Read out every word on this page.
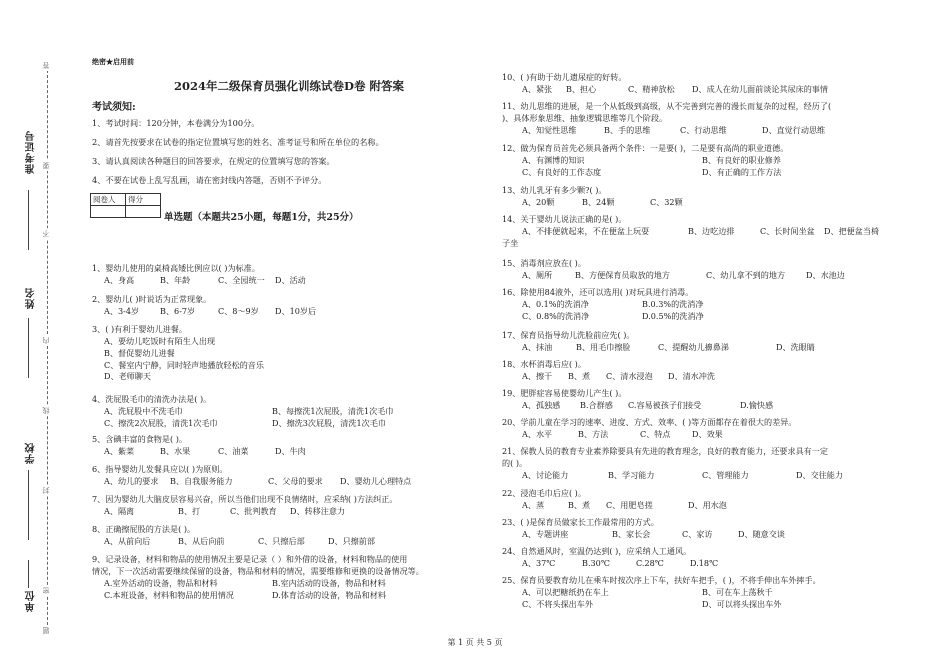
准考证号
姓名
学校
单位 密
封
线
内
不
要
答
题
绝密★启用前
2024年二级保育员强化训练试卷D卷 附答案
考试须知:
1、考试时间：120分钟，本卷满分为100分。
2、请首先按要求在试卷的指定位置填写您的姓名、准考证号和所在单位的名称。
3、请认真阅读各种题目的回答要求，在规定的位置填写您的答案。
4、不要在试卷上乱写乱画，请在密封线内答题，否则不予评分。
阅卷人	得分

单选题（本题共25小题，每题1分，共25分）
1、婴幼儿使用的桌椅高矮比例应以( )为标准。
A、身高	B、年龄	C、全园统一 D、活动
2、婴幼儿( )时说话为正常现象。
A、3-4岁	B、6-7岁	C、8～9岁 D、10岁后
3、( )有利于婴幼儿进餐。
A、要幼儿吃饭时有陌生人出现
B、督促婴幼儿进餐
C、餐室内宁静，同时轻声地播放轻松的音乐
D、老师聊天
4、洗屁股毛巾的清洗办法是( )。
A、洗屁股中不洗毛巾	B、每擦洗1次屁股，清洗1次毛巾
C、擦洗2次屁股，清洗1次毛巾	D、擦洗3次屁股，清洗1次毛巾
5、含碘丰富的食物是( )。
A、紫菜	B、水果	C、油菜	D、牛肉
6、指导婴幼儿发餐具应以( )为原则。
A、幼儿的要求 B、自我服务能力	C、父母的要求 D、婴幼儿心理特点
7、因为婴幼儿大脑皮层容易兴奋，所以当他们出现不良情绪时，应采纳( )方法纠正。
A、隔离	B、打	C、批判教育 D、转移注意力
8、正确擦屁股的方法是( )。
A、从前向后	B、从后向前	C、只擦后部	D、只擦前部
9、记录设备，材料和物品的使用情况主要是记录（ ）和外借的设备，材料和物品的使用
情况，下一次活动需要继续保留的设备，物品和材料的情况，需要维修和更换的设备情况等。
A.室外活动的设备，物品和材料	B.室内活动的设备，物品和材料
C.本班设备，材料和物品的使用情况	D.体育活动的设备，物品和材料
10、( )有助于幼儿遗尿症的好转。
A、紧张 B、担心	C、精神放松 D、成人在幼儿面前谈论其尿床的事情
11、幼儿思维的进展，是一个从低级到高级，从不完善到完善的漫长而复杂的过程，经历了(
)、具体形象思维、抽象逻辑思维等几个阶段。
A、知觉性思维	B、手的思维	C、行动思维	D、直觉行动思维
12、做为保育员首先必须具备两个条件：一是要( )，二是要有高尚的职业道德。
A、有渊博的知识	B、有良好的职业修养
C、有良好的工作态度	D、有正确的工作方法
13、幼儿乳牙有多少颗?( )。
A、20颗	B、24颗	C、32颗
14、关于婴幼儿说法正确的是( )。
A、不排便就起来，不在便盆上玩耍	B、边吃边排	C、长时间坐盆 D、把便盆当椅
子坐
15、消毒剂应放在( )。
A、厕所	B、方便保育员取放的地方	C、幼儿拿不到的地方	D、水池边
16、除使用84液外，还可以选用( )对玩具进行消毒。
A、0.1%的洗消净	B.0.3%的洗消净
C、0.8%的洗消净	D.0.5%的洗消净
17、保育员指导幼儿洗脸前应先( )。
A、抹油	B、用毛巾擦脸	C、提醒幼儿擤鼻涕	D、洗眼睛
18、水杯消毒后应( )。
A、擦干 B、煮 C、清水浸泡 D、清水冲洗
19、肥胖症容易使婴幼儿产生( )。
A、孤独感 B.合群感 C.容易被孩子们接受	D.愉快感
20、学前儿童在学习的速率、进度、方式、效率、( )等方面都存在着很大的差异。
A、水平	B、方法	C、特点	D、效果
21、保教人员的教育专业素养除要具有先进的教育理念，良好的教育能力，还要求具有一定
的( )。
A、讨论能力	B、学习能力	C、管理能力	D、交往能力
22、浸泡毛巾后应( )。
A、蒸	B、煮 C、用肥皂搓	D、用水泡
23、( )是保育员做家长工作最常用的方式。
A、专题讲座	B、家长会	C、家访	D、随意交谈
24、自然通风时，室温仍达到( )，应采纳人工通风。
A、37℃	B.30℃	C.28℃	D.18℃
25、保育员要教育幼儿在乘车时按次序上下车，扶好车把手，( )，不将手伸出车外摔手。
A、可以把糖纸扔在车上	B、可在车上荡秋千
C、不将头探出车外	D、可以将头探出车外
第 1 页 共 5 页
